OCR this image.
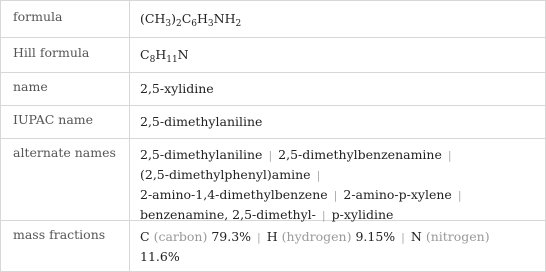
formula	$(CH_3)_2C_6H_3NH_2$
Hill formula	$C_8H_{11}N$
name	2,5-xylidine
IUPAC name	2,5-dimethylaniline
alternate names	2,5-dimethylaniline | 2,5-dimethylbenzenamine |
(2,5-dimethylphenyl)amine |
2-amino-1,4-dimethylbenzene | 2-amino-p-xylene |
benzenamine, 2,5-dimethyl- | p-xylidine
mass fractions	C (carbon) 79.3% | H (hydrogen) 9.15% | N (nitrogen)
11.6%
